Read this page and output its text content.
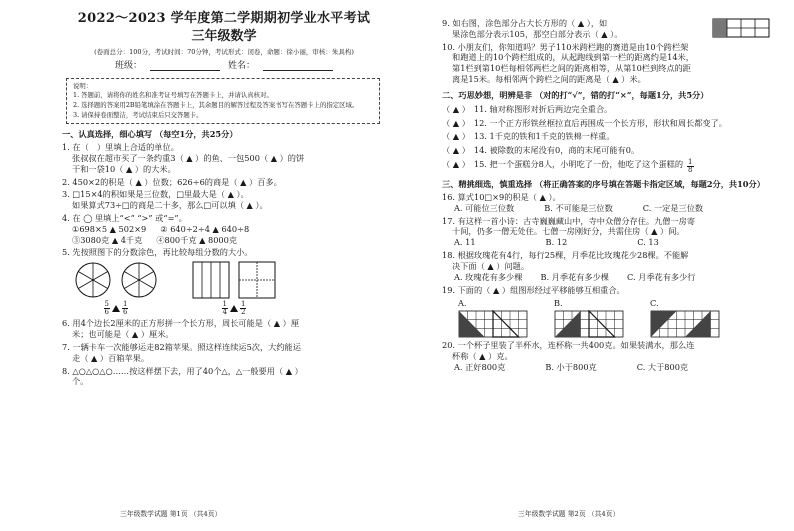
2022～2023 学年度第二学期期初学业水平考试
三年级数学
(卷面总分：100分，考试时间：70分钟，考试形式：闭卷，命题：徐小丽，审核：朱具构)
班级：	姓名：
说明：
1. 答题前，请将你的姓名和准考证号填写在答题卡上，并请认真核对。
2. 选择题的答案用2B铅笔填涂在答题卡上，其余题目的解答过程及答案书写在答题卡上的指定区域。
3. 请保持卷面整洁，考试结束后只交答题卡。
一、认真选择，细心填写 （每空1分，共25分）
1. 在（　）里填上合适的单位。
张叔叔在超市买了一条约重3（ ▲ ）的鱼、一包500（ ▲ ）的饼
干和一袋10（ ▲ ）的大米。
2. 450×2的积是（ ▲ ）位数；626÷6的商是（ ▲ ）百多。
3. □15×4的积如果是三位数，□里最大是（ ▲ ）。
如果算式73÷□的商是二十多，那么□可以填（ ▲ ）。
4. 在 ◯ 里填上“<” “>” 或“=”。
①698×5 ▲ 502×9 ② 640÷2÷4 ▲ 640÷8
③3080克 ▲ 4千克 ④800千克 ▲ 8000克
5. 先按照图下的分数涂色，再比较每组分数的大小。
$\frac{5}{6} \frac{1}{6}$	$\frac{1}{4} \frac{1}{2}$
6. 用4个边长2厘米的正方形拼一个长方形，周长可能是（ ▲ ）厘
米；也可能是（ ▲ ）厘米。
7. 一辆卡车一次能够运走82箱苹果。照这样连续运5次，大约能运
走（ ▲ ）百箱苹果。
8. △○△○△○……按这样摆下去，用了40个△，△一般要用（ ▲ ）
个。
三年级数学试题 第1页 （共4页）
9. 如右图，涂色部分占大长方形的（ ▲ ），如
果涂色部分表示105，那空白部分表示（ ▲ ）。
10. 小朋友们，你知道吗？男子110米跨栏跑的赛道是由10个跨栏架
和跑道上的10个跨栏组成的，从起跑线到第一栏的距离约是14米，
第1栏到第10栏每相邻两栏之间的距离相等，从第10栏到终点的距
离是15米。每相邻两个跨栏之间的距离是（ ▲ ）米。
二、巧思妙想，明辨是非 （对的打“√”，错的打“×”，每题1分，共5分）
（ ▲ ） 11. 轴对称图形对折后两边完全重合。
（ ▲ ） 12. 一个正方形铁丝框拉直后再围成一个长方形，形状和周长都变了。
（ ▲ ） 13. 1千克的铁和1千克的铁棉一样重。
（ ▲ ） 14. 被除数的末尾没有0，商的末尾可能有0。
（ ▲ ） 15. 把一个蛋糕分8人，小明吃了一份，他吃了这个蛋糕的 $\frac{1}{8}$
三、精挑细选，慎重选择 （将正确答案的序号填在答题卡指定区域，每题2分，共10分）
16. 算式10□×9的积是（ ▲ ）。
A. 可能位三位数	B. 不可能是三位数	C. 一定是三位数
17. 有这样一首小诗：古寺巍巍藏山中，寺中众僧分存住。九僧一房寄
十间，仍多一僧无处住。七僧一房刚好分，共需住房（ ▲ ）间。
A. 11	B. 12	C. 13
18. 根据玫瑰花有4行，每行25棵，月季花比玫瑰花少28棵。不能解
决下面（ ▲ ）问题。
A. 玫瑰花有多少棵 B. 月季花有多少棵 C. 月季花有多少行
19. 下面的（ ▲ ）组图形经过平移能够互相重合。
A.	B.	C.
20. 一个杯子里装了半杯水，连杯称一共400克。如果装满水，那么连
杯称（ ▲ ）克。
A. 正好800克	B. 小于800克	C. 大于800克
三年级数学试题 第2页 （共4页）
